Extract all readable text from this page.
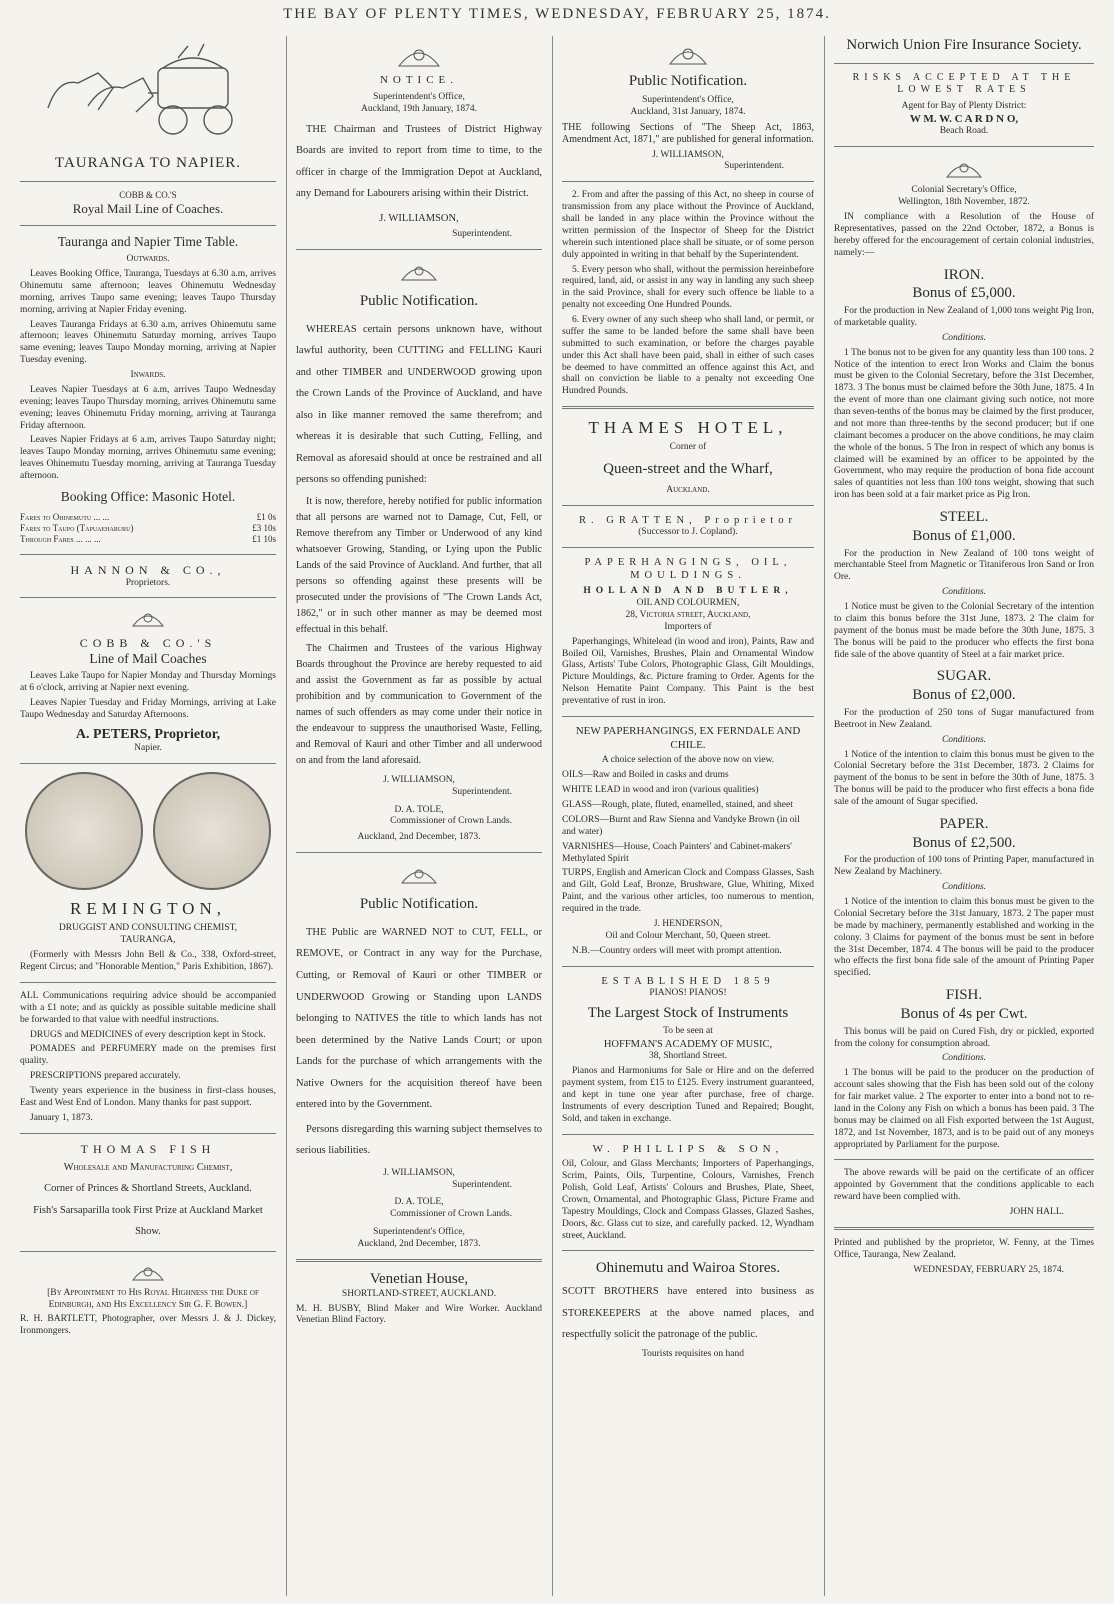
THE BAY OF PLENTY TIMES, WEDNESDAY, FEBRUARY 25, 1874.
TAURANGA TO NAPIER.
COBB & CO.'S
Royal Mail Line of Coaches.
Tauranga and Napier Time Table.
Outwards.

Leaves Booking Office, Tauranga, Tuesdays at 6.30 a.m, arrives Ohinemutu same afternoon; leaves Ohinemutu Wednesday morning, arrives Taupo same evening; leaves Taupo Thursday morning, arriving at Napier Friday evening.

Leaves Tauranga Fridays at 6.30 a.m, arrives Ohinemutu same afternoon; leaves Ohinemutu Saturday morning, arrives Taupo same evening; leaves Taupo Monday morning, arriving at Napier Tuesday evening.

Inwards.

Leaves Napier Tuesdays at 6 a.m, arrives Taupo Wednesday evening; leaves Taupo Thursday morning, arrives Ohinemutu same evening; leaves Ohinemutu Friday morning, arriving at Tauranga Friday afternoon.

Leaves Napier Fridays at 6 a.m, arrives Taupo Saturday night; leaves Taupo Monday morning, arrives Ohinemutu same evening; leaves Ohinemutu Tuesday morning, arriving at Tauranga Tuesday afternoon.

Booking Office: Masonic Hotel.
Fares to Ohinemutu ... ...	£1 0s
Fares to Taupo (Tapuaeharuru)	£3 10s
Through Fares ... ... ...	£1 10s
HANNON & CO.,
Proprietors.
COBB & CO.'S
Line of Mail Coaches

Leaves Lake Taupo for Napier Monday and Thursday Mornings at 6 o'clock, arriving at Napier next evening.

Leaves Napier Tuesday and Friday Mornings, arriving at Lake Taupo Wednesday and Saturday Afternoons.

A. PETERS, Proprietor,
Napier.
REMINGTON,
DRUGGIST AND CONSULTING CHEMIST,
TAURANGA,

(Formerly with Messrs John Bell & Co., 338, Oxford-street, Regent Circus; and "Honorable Mention," Paris Exhibition, 1867).

ALL Communications requiring advice should be accompanied with a £1 note; and as quickly as possible suitable medicine shall be forwarded to that value with needful instructions.

DRUGS and MEDICINES of every description kept in Stock.

POMADES and PERFUMERY made on the premises first quality.

PRESCRIPTIONS prepared accurately.

Twenty years experience in the business in first-class houses, East and West End of London. Many thanks for past support.

January 1, 1873.

THOMAS FISH
Wholesale and Manufacturing Chemist,
Corner of Princes & Shortland Streets, Auckland.
Fish's Sarsaparilla took First Prize at Auckland Market Show.

[By Appointment to His Royal Highness the Duke of Edinburgh, and His Excellency Sir G. F. Bowen.]

R. H. BARTLETT, Photographer, over Messrs J. & J. Dickey, Ironmongers.

NOTICE.
Superintendent's Office,
Auckland, 19th January, 1874.

THE Chairman and Trustees of District Highway Boards are invited to report from time to time, to the officer in charge of the Immigration Depot at Auckland, any Demand for Labourers arising within their District.

J. WILLIAMSON,
Superintendent.
Public Notification.

WHEREAS certain persons unknown have, without lawful authority, been CUTTING and FELLING Kauri and other TIMBER and UNDERWOOD growing upon the Crown Lands of the Province of Auckland, and have also in like manner removed the same therefrom; and whereas it is desirable that such Cutting, Felling, and Removal as aforesaid should at once be restrained and all persons so offending punished:

It is now, therefore, hereby notified for public information that all persons are warned not to Damage, Cut, Fell, or Remove therefrom any Timber or Underwood of any kind whatsoever Growing, Standing, or Lying upon the Public Lands of the said Province of Auckland. And further, that all persons so offending against these presents will be prosecuted under the provisions of "The Crown Lands Act, 1862," or in such other manner as may be deemed most effectual in this behalf.

The Chairmen and Trustees of the various Highway Boards throughout the Province are hereby requested to aid and assist the Government as far as possible by actual prohibition and by communication to Government of the names of such offenders as may come under their notice in the endeavour to suppress the unauthorised Waste, Felling, and Removal of Kauri and other Timber and all underwood on and from the land aforesaid.

J. WILLIAMSON,
Superintendent.
D. A. TOLE,
Commissioner of Crown Lands.
Auckland, 2nd December, 1873.
Public Notification.

THE Public are WARNED NOT to CUT, FELL, or REMOVE, or Contract in any way for the Purchase, Cutting, or Removal of Kauri or other TIMBER or UNDERWOOD Growing or Standing upon LANDS belonging to NATIVES the title to which lands has not been determined by the Native Lands Court; or upon Lands for the purchase of which arrangements with the Native Owners for the acquisition thereof have been entered into by the Government.

Persons disregarding this warning subject themselves to serious liabilities.

J. WILLIAMSON,
Superintendent.
D. A. TOLE,
Commissioner of Crown Lands.
Superintendent's Office,
Auckland, 2nd December, 1873.
Venetian House,
SHORTLAND-STREET, AUCKLAND.

M. H. BUSBY, Blind Maker and Wire Worker. Auckland Venetian Blind Factory.

Public Notification.
Superintendent's Office,
Auckland, 31st January, 1874.

THE following Sections of "The Sheep Act, 1863, Amendment Act, 1871," are published for general information.

J. WILLIAMSON,
Superintendent.

2. From and after the passing of this Act, no sheep in course of transmission from any place without the Province of Auckland, shall be landed in any place within the Province without the written permission of the Inspector of Sheep for the District wherein such intentioned place shall be situate, or of some person duly appointed in writing in that behalf by the Superintendent.

5. Every person who shall, without the permission hereinbefore required, land, aid, or assist in any way in landing any such sheep in the said Province, shall for every such offence be liable to a penalty not exceeding One Hundred Pounds.

6. Every owner of any such sheep who shall land, or permit, or suffer the same to be landed before the same shall have been submitted to such examination, or before the charges payable under this Act shall have been paid, shall in either of such cases be deemed to have committed an offence against this Act, and shall on conviction be liable to a penalty not exceeding One Hundred Pounds.

THAMES HOTEL,
Corner of
Queen-street and the Wharf,
Auckland.
R. GRATTEN, Proprietor
(Successor to J. Copland).
PAPERHANGINGS, OIL, MOULDINGS.
HOLLAND AND BUTLER,
OIL AND COLOURMEN,
28, Victoria street, Auckland,
Importers of

Paperhangings, Whitelead (in wood and iron), Paints, Raw and Boiled Oil, Varnishes, Brushes, Plain and Ornamental Window Glass, Artists' Tube Colors, Photographic Glass, Gilt Mouldings, Picture Mouldings, &c. Picture framing to Order. Agents for the Nelson Hematite Paint Company. This Paint is the best preventative of rust in iron.

NEW PAPERHANGINGS, EX FERNDALE AND CHILE.
A choice selection of the above now on view.

OILS—Raw and Boiled in casks and drums

WHITE LEAD in wood and iron (various qualities)

GLASS—Rough, plate, fluted, enamelled, stained, and sheet

COLORS—Burnt and Raw Sienna and Vandyke Brown (in oil and water)

VARNISHES—House, Coach Painters' and Cabinet-makers' Methylated Spirit

TURPS, English and American Clock and Compass Glasses, Sash and Gilt, Gold Leaf, Bronze, Brushware, Glue, Whiting, Mixed Paint, and the various other articles, too numerous to mention, required in the trade.

J. HENDERSON,
Oil and Colour Merchant, 50, Queen street.

N.B.—Country orders will meet with prompt attention.

ESTABLISHED 1859
PIANOS! PIANOS!
The Largest Stock of Instruments
To be seen at
HOFFMAN'S ACADEMY OF MUSIC,
38, Shortland Street.

Pianos and Harmoniums for Sale or Hire and on the deferred payment system, from £15 to £125. Every instrument guaranteed, and kept in tune one year after purchase, free of charge. Instruments of every description Tuned and Repaired; Bought, Sold, and taken in exchange.

W. PHILLIPS & SON,

Oil, Colour, and Glass Merchants; Importers of Paperhangings, Scrim, Paints, Oils, Turpentine, Colours, Varnishes, French Polish, Gold Leaf, Artists' Colours and Brushes, Plate, Sheet, Crown, Ornamental, and Photographic Glass, Picture Frame and Tapestry Mouldings, Clock and Compass Glasses, Glazed Sashes, Doors, &c. Glass cut to size, and carefully packed. 12, Wyndham street, Auckland.

Ohinemutu and Wairoa Stores.

SCOTT BROTHERS have entered into business as STOREKEEPERS at the above named places, and respectfully solicit the patronage of the public.

Tourists requisites on hand

Norwich Union Fire Insurance Society.
RISKS ACCEPTED AT THE LOWEST RATES
Agent for Bay of Plenty District:
W M. W. C A R D N O,
Beach Road.
Colonial Secretary's Office,
Wellington, 18th November, 1872.

IN compliance with a Resolution of the House of Representatives, passed on the 22nd October, 1872, a Bonus is hereby offered for the encouragement of certain colonial industries, namely:—

IRON.
Bonus of £5,000.

For the production in New Zealand of 1,000 tons weight Pig Iron, of marketable quality.

Conditions.

1 The bonus not to be given for any quantity less than 100 tons. 2 Notice of the intention to erect Iron Works and Claim the bonus must be given to the Colonial Secretary, before the 31st December, 1873. 3 The bonus must be claimed before the 30th June, 1875. 4 In the event of more than one claimant giving such notice, not more than seven-tenths of the bonus may be claimed by the first producer, and not more than three-tenths by the second producer; but if one claimant becomes a producer on the above conditions, he may claim the whole of the bonus. 5 The Iron in respect of which any bonus is claimed will be examined by an officer to be appointed by the Government, who may require the production of bona fide account sales of quantities not less than 100 tons weight, showing that such iron has been sold at a fair market price as Pig Iron.

STEEL.
Bonus of £1,000.

For the production in New Zealand of 100 tons weight of merchantable Steel from Magnetic or Titaniferous Iron Sand or Iron Ore.

Conditions.

1 Notice must be given to the Colonial Secretary of the intention to claim this bonus before the 31st June, 1873. 2 The claim for payment of the bonus must be made before the 30th June, 1875. 3 The bonus will be paid to the producer who effects the first bona fide sale of the above quantity of Steel at a fair market price.

SUGAR.
Bonus of £2,000.

For the production of 250 tons of Sugar manufactured from Beetroot in New Zealand.

Conditions.

1 Notice of the intention to claim this bonus must be given to the Colonial Secretary before the 31st December, 1873. 2 Claims for payment of the bonus to be sent in before the 30th of June, 1875. 3 The bonus will be paid to the producer who first effects a bona fide sale of the amount of Sugar specified.

PAPER.
Bonus of £2,500.

For the production of 100 tons of Printing Paper, manufactured in New Zealand by Machinery.

Conditions.

1 Notice of the intention to claim this bonus must be given to the Colonial Secretary before the 31st January, 1873. 2 The paper must be made by machinery, permanently established and working in the colony. 3 Claims for payment of the bonus must be sent in before the 31st December, 1874. 4 The bonus will be paid to the producer who effects the first bona fide sale of the amount of Printing Paper specified.

FISH.
Bonus of 4s per Cwt.

This bonus will be paid on Cured Fish, dry or pickled, exported from the colony for consumption abroad.

Conditions.

1 The bonus will be paid to the producer on the production of account sales showing that the Fish has been sold out of the colony for fair market value. 2 The exporter to enter into a bond not to re-land in the Colony any Fish on which a bonus has been paid. 3 The bonus may be claimed on all Fish exported between the 1st August, 1872, and 1st November, 1873, and is to be paid out of any moneys appropriated by Parliament for the purpose.

The above rewards will be paid on the certificate of an officer appointed by Government that the conditions applicable to each reward have been complied with.

JOHN HALL.

Printed and published by the proprietor, W. Fenny, at the Times Office, Tauranga, New Zealand.

WEDNESDAY, FEBRUARY 25, 1874.
